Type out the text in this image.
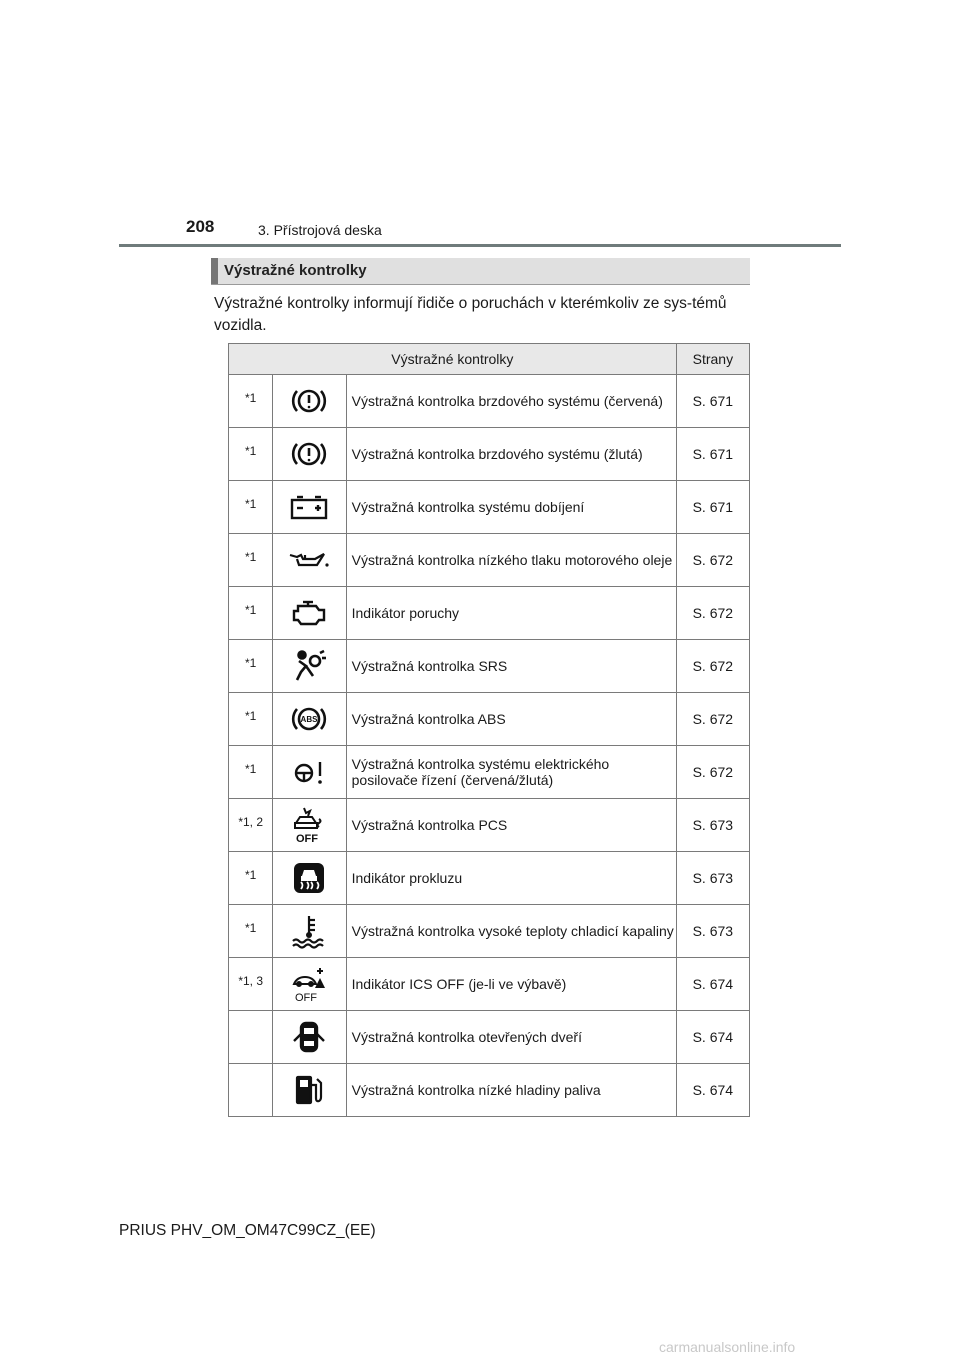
208	3. Přístrojová deska
Výstražné kontrolky
Výstražné kontrolky informují řidiče o poruchách v kterémkoliv ze sys-témů vozidla.
Výstražné kontrolky			Strany
*1		Výstražná kontrolka brzdového systému (červená)	S. 671
*1		Výstražná kontrolka brzdového systému (žlutá)	S. 671
*1		Výstražná kontrolka systému dobíjení	S. 671
*1		Výstražná kontrolka nízkého tlaku motorového oleje	S. 672
*1		Indikátor poruchy	S. 672
*1		Výstražná kontrolka SRS	S. 672
*1	ABS	Výstražná kontrolka ABS	S. 672
*1		Výstražná kontrolka systému elektrického posilovače řízení (červená/žlutá)	S. 672
*1, 2	OFF	Výstražná kontrolka PCS	S. 673
*1		Indikátor prokluzu	S. 673
*1		Výstražná kontrolka vysoké teploty chladicí kapaliny	S. 673
*1, 3	OFF	Indikátor ICS OFF (je-li ve výbavě)	S. 674

	Výstražná kontrolka otevřených dveří	S. 674

	Výstražná kontrolka nízké hladiny paliva	S. 674
PRIUS PHV_OM_OM47C99CZ_(EE)
carmanualsonline.info
